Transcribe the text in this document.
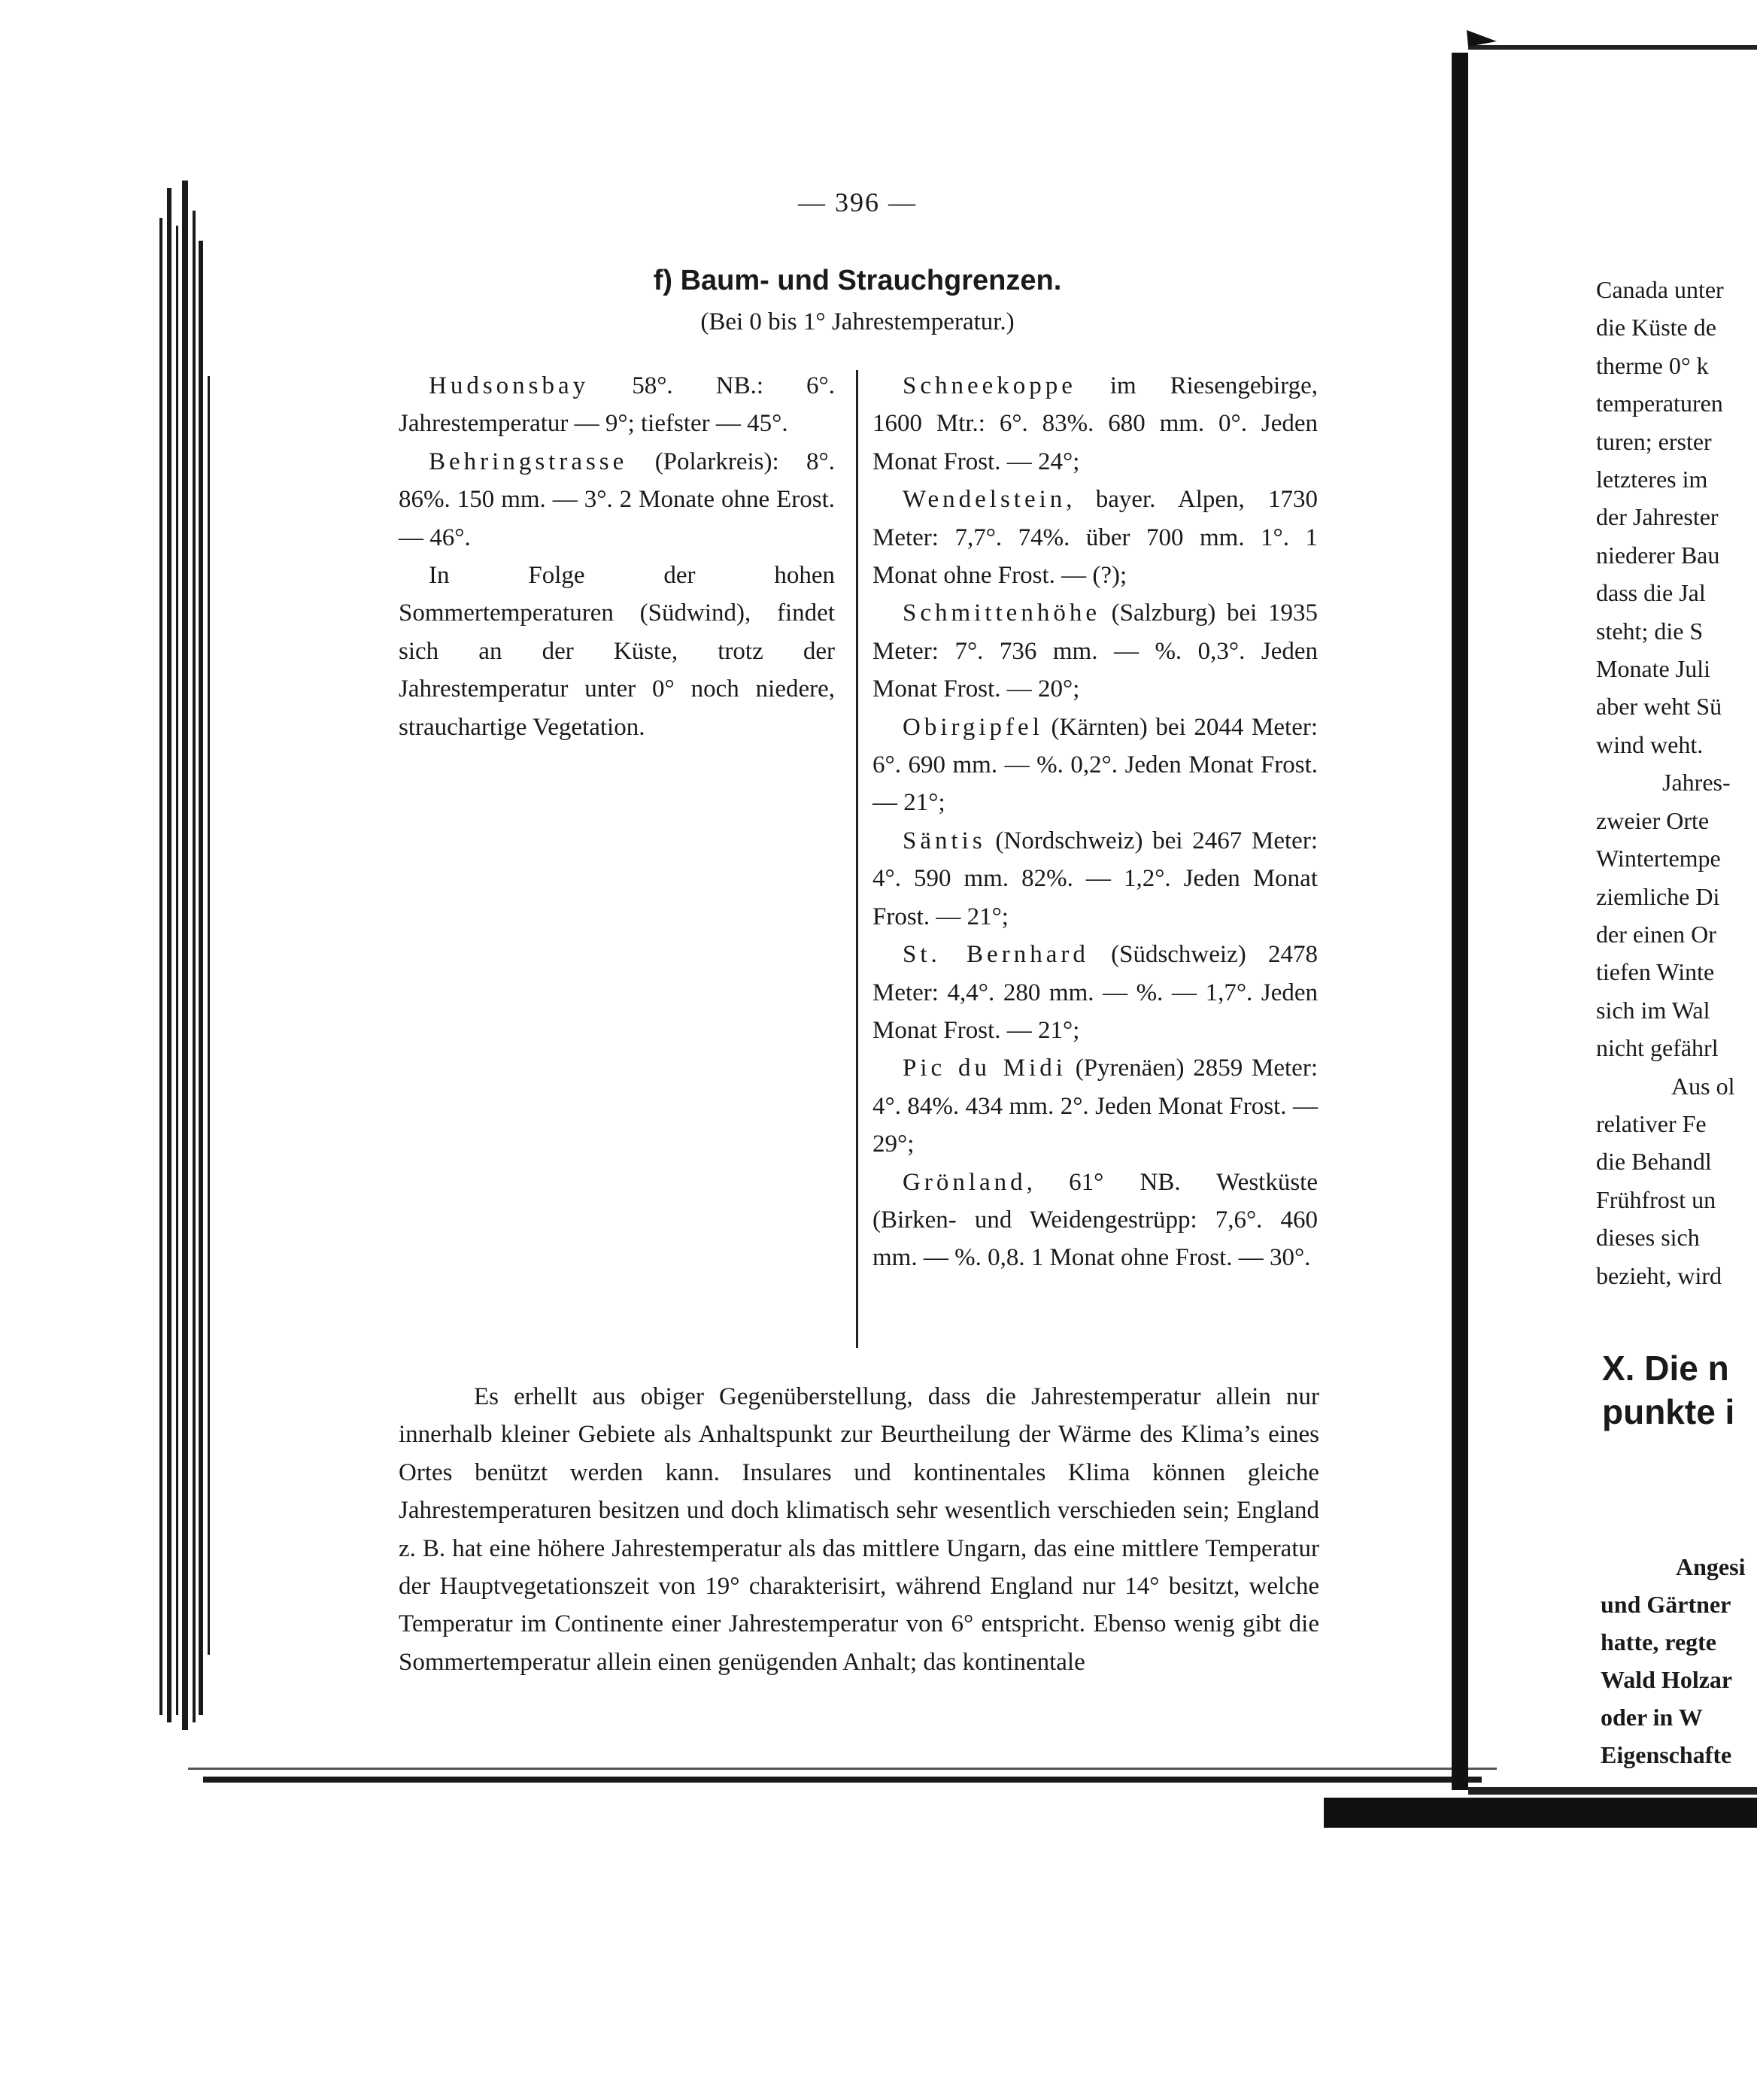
— 396 —
f) Baum- und Strauchgrenzen.
(Bei 0 bis 1° Jahrestemperatur.)

Hudsonsbay 58°. NB.: 6°. Jahrestemperatur — 9°; tiefster — 45°.

Behringstrasse (Polarkreis): 8°. 86%. 150 mm. — 3°. 2 Monate ohne Erost. — 46°.

In Folge der hohen Sommertemperaturen (Südwind), findet sich an der Küste, trotz der Jahrestemperatur unter 0° noch niedere, strauchartige Vegetation.

Schneekoppe im Riesengebirge, 1600 Mtr.: 6°. 83%. 680 mm. 0°. Jeden Monat Frost. — 24°;

Wendelstein, bayer. Alpen, 1730 Meter: 7,7°. 74%. über 700 mm. 1°. 1 Monat ohne Frost. — (?);

Schmittenhöhe (Salzburg) bei 1935 Meter: 7°. 736 mm. — %. 0,3°. Jeden Monat Frost. — 20°;

Obirgipfel (Kärnten) bei 2044 Meter: 6°. 690 mm. — %. 0,2°. Jeden Monat Frost. — 21°;

Säntis (Nordschweiz) bei 2467 Meter: 4°. 590 mm. 82%. — 1,2°. Jeden Monat Frost. — 21°;

St. Bernhard (Südschweiz) 2478 Meter: 4,4°. 280 mm. — %. — 1,7°. Jeden Monat Frost. — 21°;

Pic du Midi (Pyrenäen) 2859 Meter: 4°. 84%. 434 mm. 2°. Jeden Monat Frost. — 29°;

Grönland, 61° NB. Westküste (Birken- und Weidengestrüpp: 7,6°. 460 mm. — %. 0,8. 1 Monat ohne Frost. — 30°.

Es erhellt aus obiger Gegenüberstellung, dass die Jahrestemperatur allein nur innerhalb kleiner Gebiete als Anhaltspunkt zur Beurtheilung der Wärme des Klima’s eines Ortes benützt werden kann. Insulares und kontinentales Klima können gleiche Jahrestemperaturen besitzen und doch klimatisch sehr wesentlich verschieden sein; England z. B. hat eine höhere Jahrestemperatur als das mittlere Ungarn, das eine mittlere Temperatur der Hauptvegetationszeit von 19° charakterisirt, während England nur 14° besitzt, welche Temperatur im Continente einer Jahrestemperatur von 6° entspricht. Ebenso wenig gibt die Sommertemperatur allein einen genügenden Anhalt; das kontinentale

Canada unter
die Küste de
therme 0° k
temperaturen
turen; erster
letzteres im
der Jahrester
niederer Bau
dass die Jal
steht; die S
Monate Juli
aber weht Sü
wind weht.
Jahres-
zweier Orte
Wintertempe
ziemliche Di
der einen Or
tiefen Winte
sich im Wal
nicht gefährl
Aus ol
relativer Fe
die Behandl
Frühfrost un
dieses sich
bezieht, wird
X. Die n
punkte i
Angesi
und Gärtner
hatte, regte
Wald Holzar
oder in W
Eigenschafte
